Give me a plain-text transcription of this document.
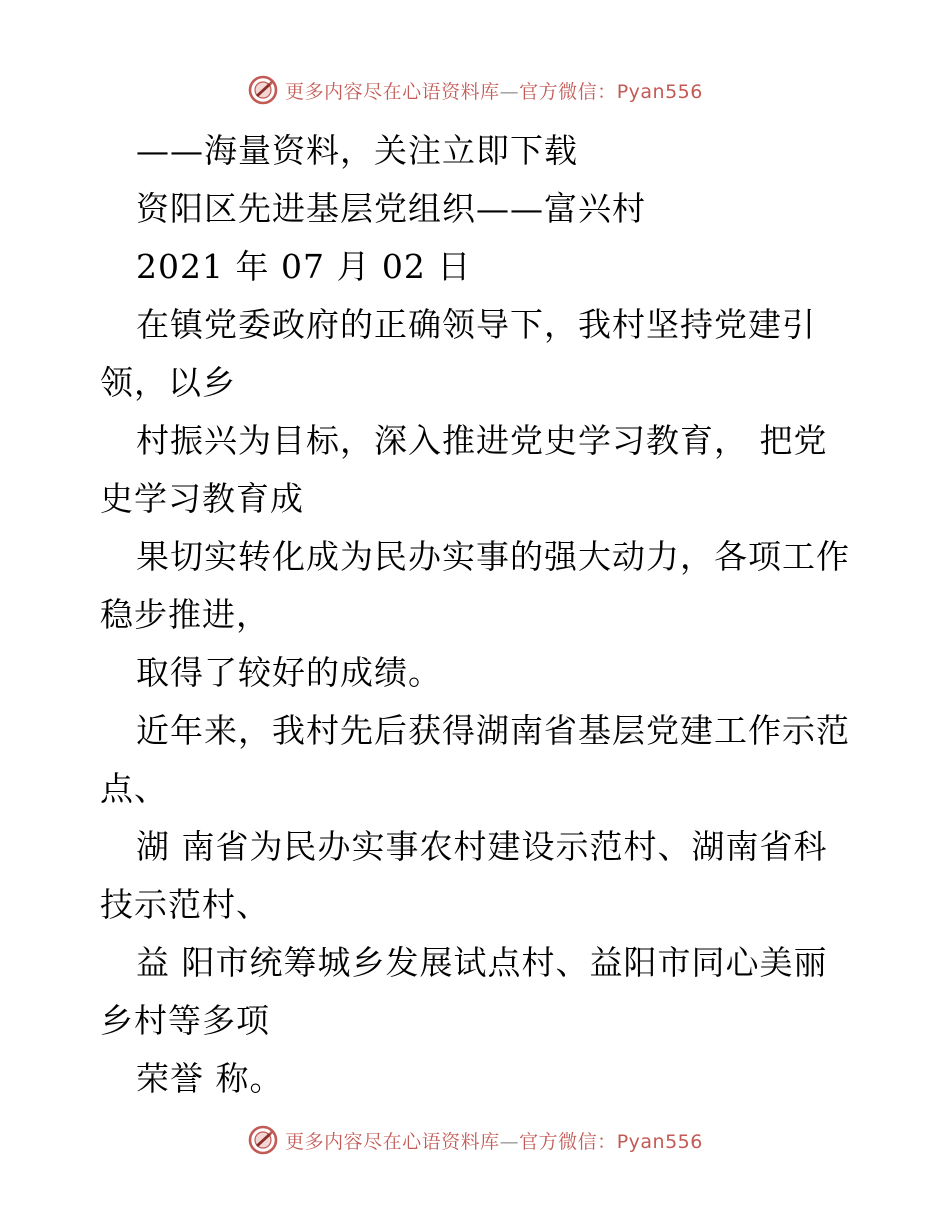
更多内容尽在心语资料库—官方微信：Pyan556
——海量资料，关注立即下载
资阳区先进基层党组织——富兴村
2021 年 07 月 02 日
在镇党委政府的正确领导下，我村坚持党建引
领，以乡
村振兴为目标，深入推进党史学习教育， 把党
史学习教育成
果切实转化成为民办实事的强大动力，各项工作
稳步推进，
取得了较好的成绩。
近年来，我村先后获得湖南省基层党建工作示范
点、
湖 南省为民办实事农村建设示范村、湖南省科
技示范村、
益 阳市统筹城乡发展试点村、益阳市同心美丽
乡村等多项
荣誉 称。
更多内容尽在心语资料库—官方微信：Pyan556
